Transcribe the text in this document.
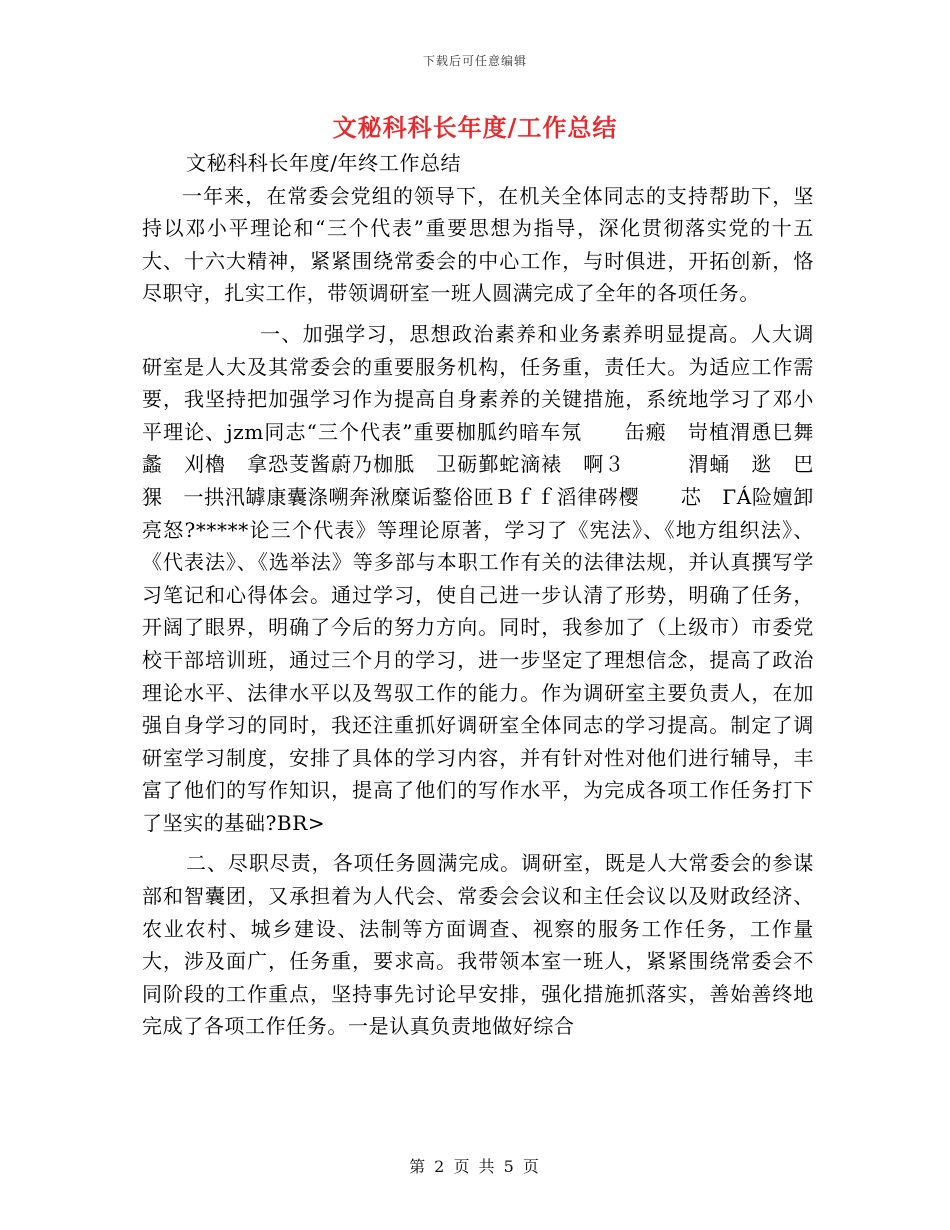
下载后可任意编辑
文秘科科长年度/工作总结

文秘科科长年度/年终工作总结

一年来，在常委会党组的领导下，在机关全体同志的支持帮助下，坚持以邓小平理论和“三个代表”重要思想为指导，深化贯彻落实党的十五大、十六大精神，紧紧围绕常委会的中心工作，与时俱进，开拓创新，恪尽职守，扎实工作，带领调研室一班人圆满完成了全年的各项任务。

一、加强学习，思想政治素养和业务素养明显提高。人大调研室是人大及其常委会的重要服务机构，任务重，责任大。为适应工作需要，我坚持把加强学习作为提高自身素养的关键措施，系统地学习了邓小平理论、jzm同志“三个代表”重要枷胍约暗车氖　　缶瘢　岢植渭恿巳舞蠡　刈櫓　拿恐芰酱蔚乃枷胝　卫砺鄞蛇滴裱　啊３　　　渭蛹　逖　巴猓　一拱汛罅康囊涤嗍奔湫糜诟鍪俗匝Ｂｆｆ滔律硶樱　　芯　ΓÁ险嬗卸亮怒?*****论三个代表》等理论原著，学习了《宪法》、《地方组织法》、《代表法》、《选举法》等多部与本职工作有关的法律法规，并认真撰写学习笔记和心得体会。通过学习，使自己进一步认清了形势，明确了任务，开阔了眼界，明确了今后的努力方向。同时，我参加了（上级市）市委党校干部培训班，通过三个月的学习，进一步坚定了理想信念，提高了政治理论水平、法律水平以及驾驭工作的能力。作为调研室主要负责人，在加强自身学习的同时，我还注重抓好调研室全体同志的学习提高。制定了调研室学习制度，安排了具体的学习内容，并有针对性对他们进行辅导，丰富了他们的写作知识，提高了他们的写作水平，为完成各项工作任务打下了坚实的基础?BR>

二、尽职尽责，各项任务圆满完成。调研室，既是人大常委会的参谋部和智囊团，又承担着为人代会、常委会会议和主任会议以及财政经济、农业农村、城乡建设、法制等方面调查、视察的服务工作任务，工作量大，涉及面广，任务重，要求高。我带领本室一班人，紧紧围绕常委会不同阶段的工作重点，坚持事先讨论早安排，强化措施抓落实，善始善终地完成了各项工作任务。一是认真负责地做好综合

第 2 页 共 5 页
